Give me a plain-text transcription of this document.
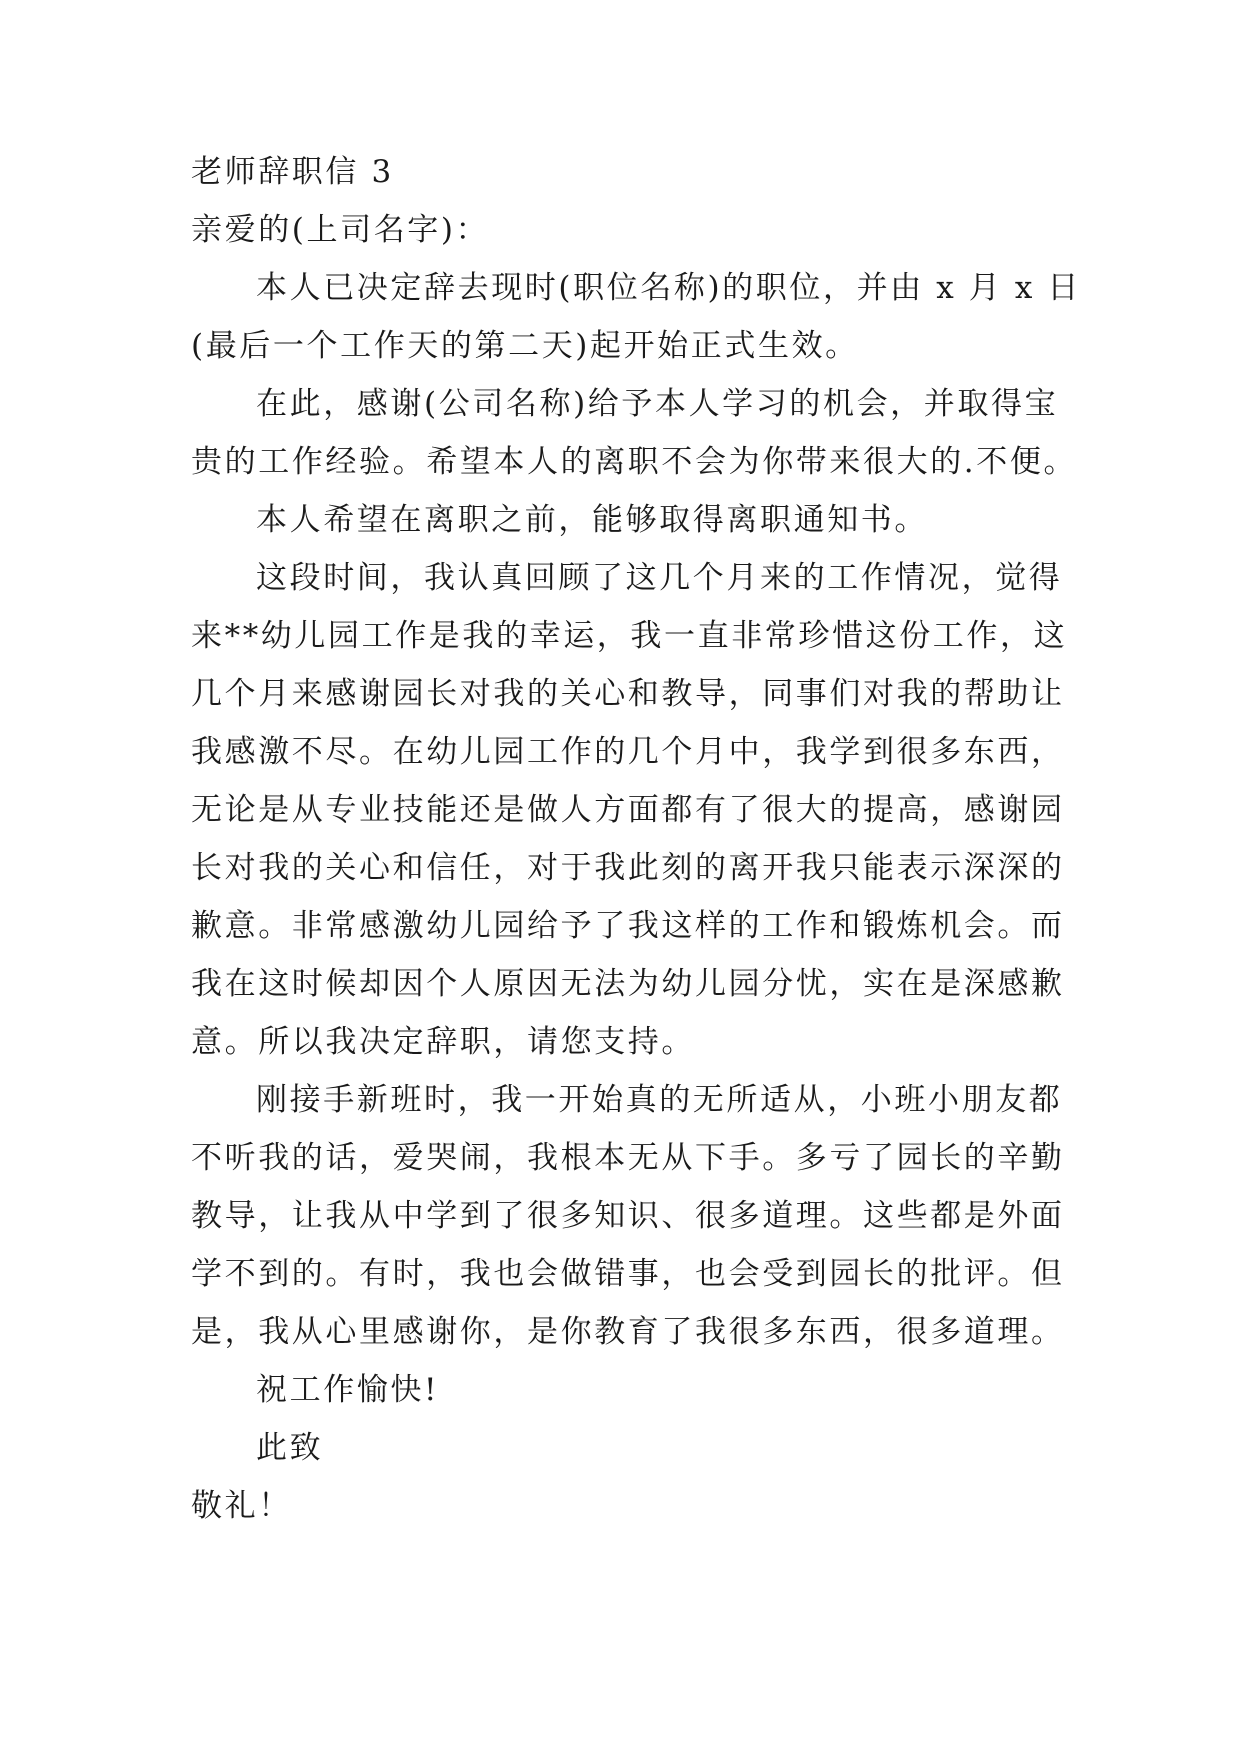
老师辞职信 3
亲爱的(上司名字)：
本人已决定辞去现时(职位名称)的职位，并由 x 月 x 日
(最后一个工作天的第二天)起开始正式生效。
在此，感谢(公司名称)给予本人学习的机会，并取得宝
贵的工作经验。希望本人的离职不会为你带来很大的.不便。
本人希望在离职之前，能够取得离职通知书。
这段时间，我认真回顾了这几个月来的工作情况，觉得
来**幼儿园工作是我的幸运，我一直非常珍惜这份工作，这
几个月来感谢园长对我的关心和教导，同事们对我的帮助让
我感激不尽。在幼儿园工作的几个月中，我学到很多东西，
无论是从专业技能还是做人方面都有了很大的提高，感谢园
长对我的关心和信任，对于我此刻的离开我只能表示深深的
歉意。非常感激幼儿园给予了我这样的工作和锻炼机会。而
我在这时候却因个人原因无法为幼儿园分忧，实在是深感歉
意。所以我决定辞职，请您支持。
刚接手新班时，我一开始真的无所适从，小班小朋友都
不听我的话，爱哭闹，我根本无从下手。多亏了园长的辛勤
教导，让我从中学到了很多知识、很多道理。这些都是外面
学不到的。有时，我也会做错事，也会受到园长的批评。但
是，我从心里感谢你，是你教育了我很多东西，很多道理。
祝工作愉快!
此致
敬礼！
